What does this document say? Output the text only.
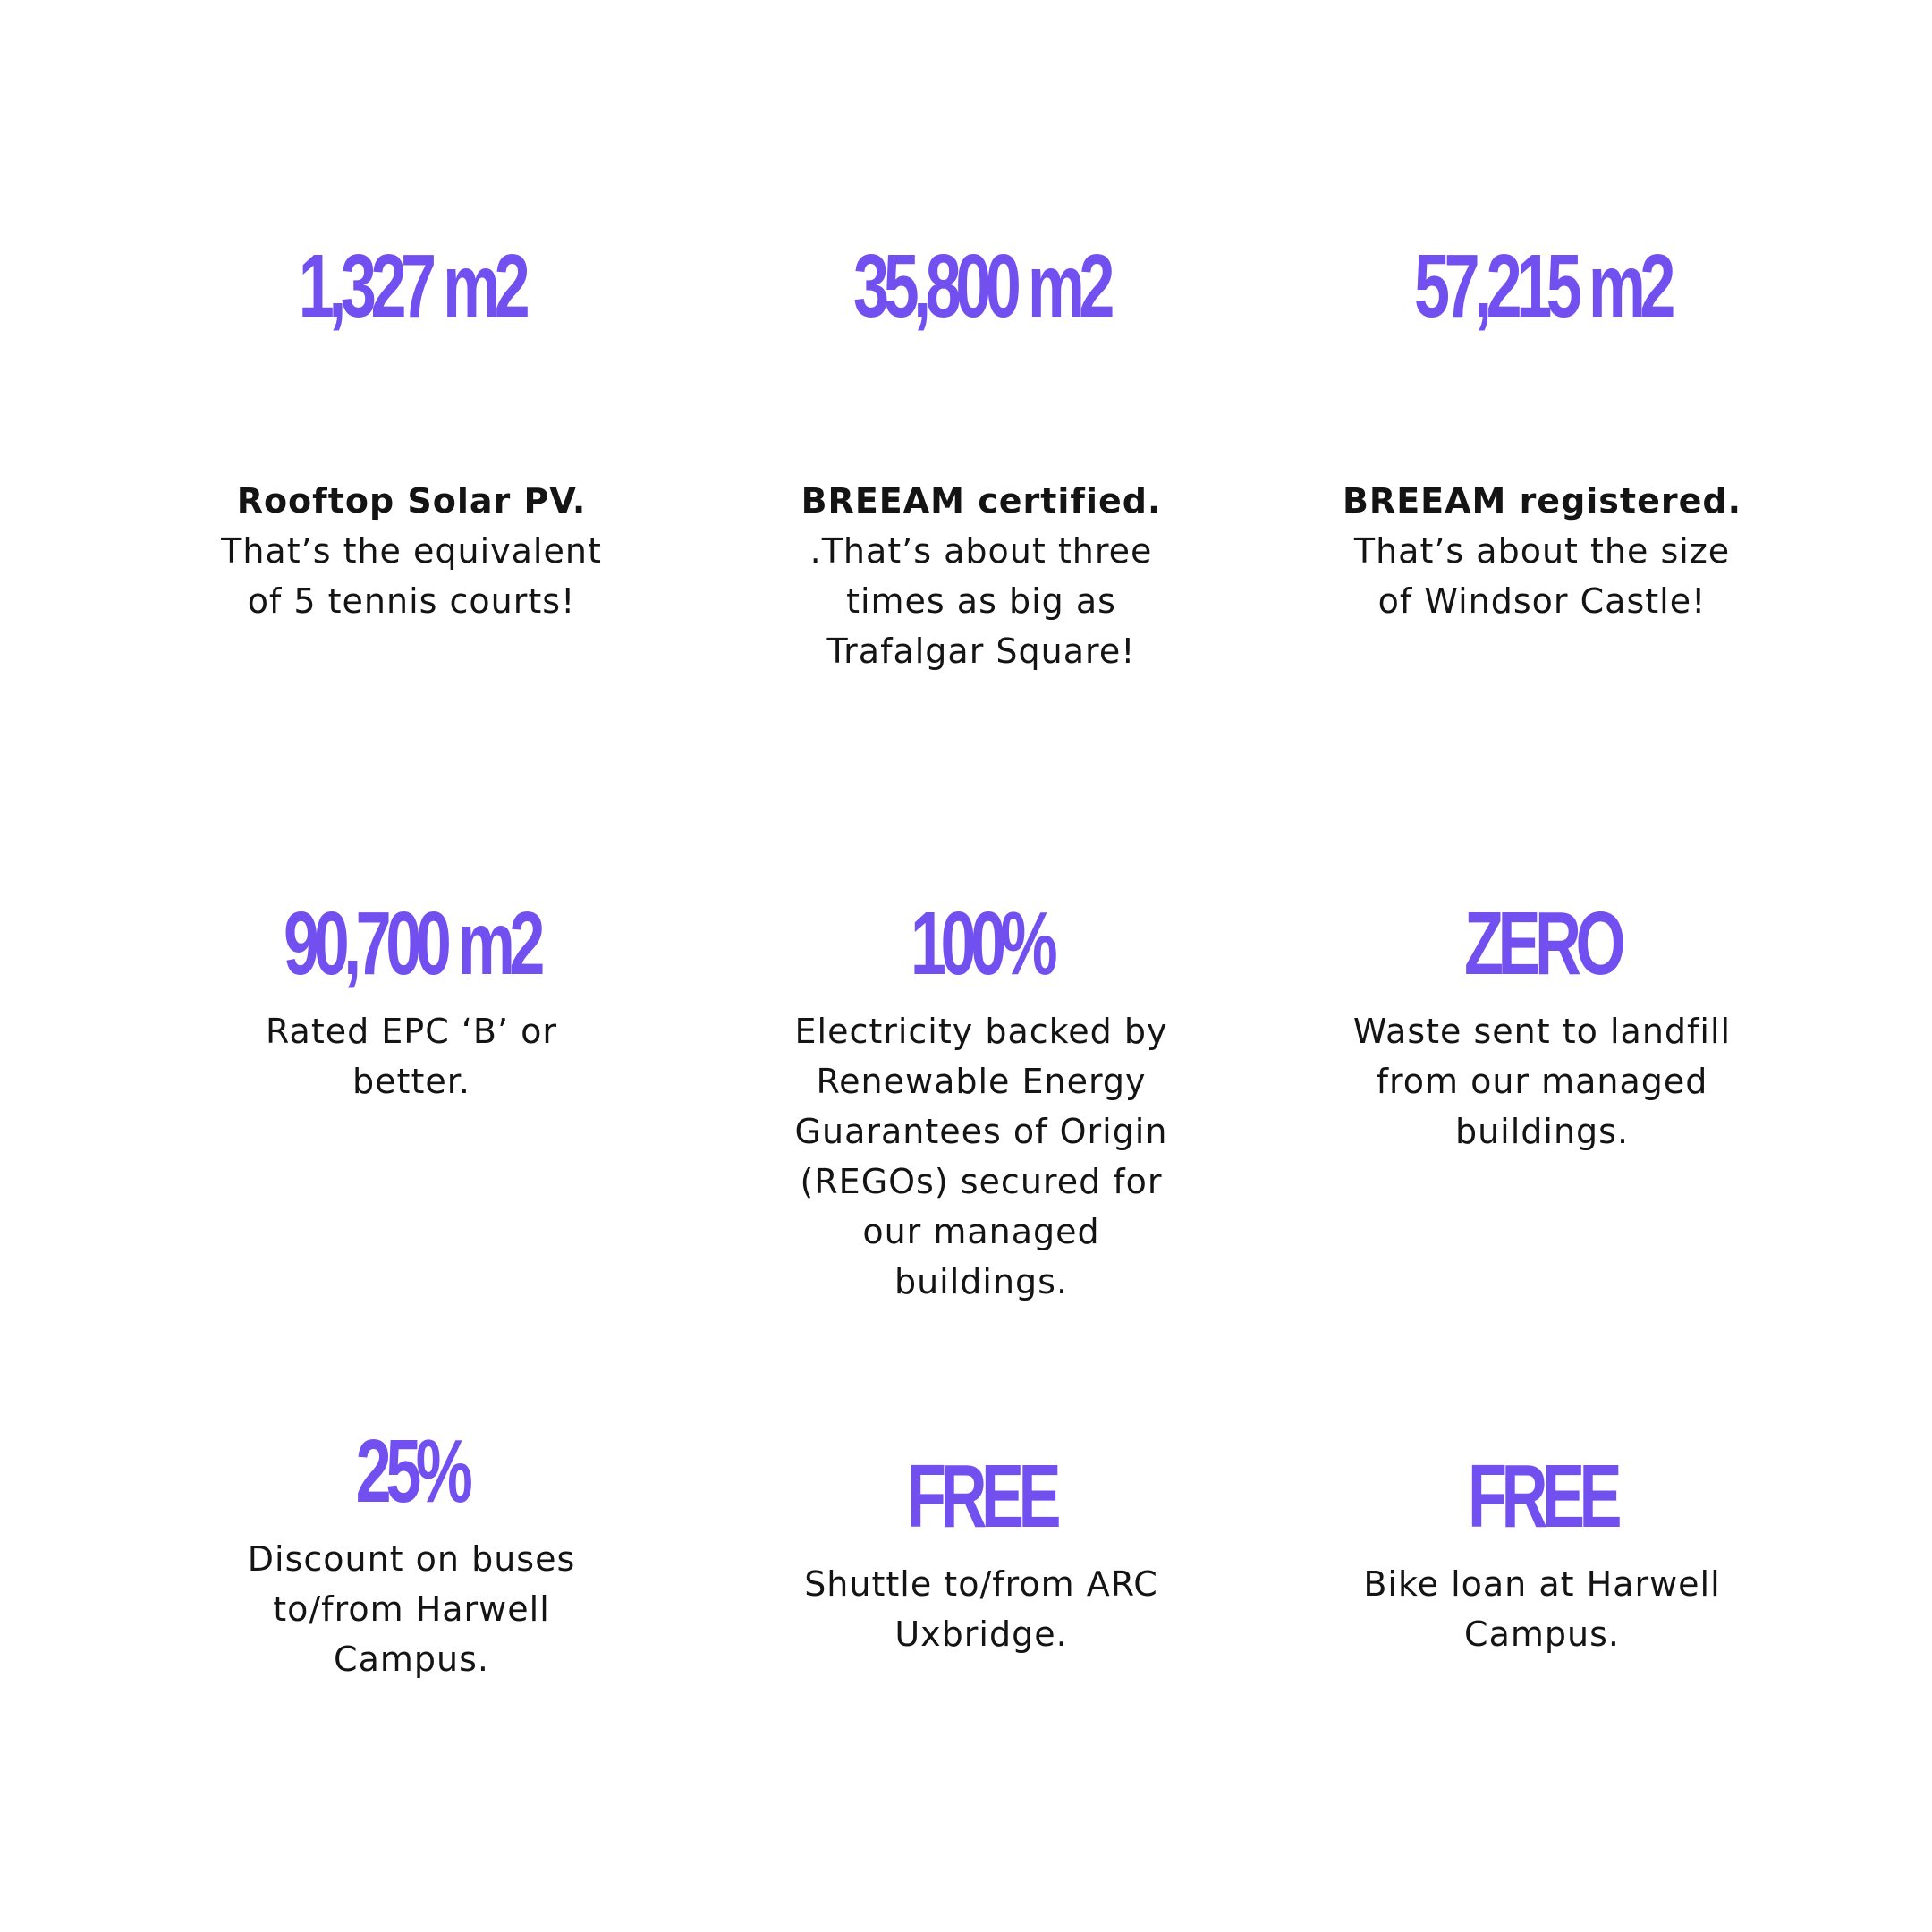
1,327 m2
Rooftop Solar PV.
That’s the equivalent
of 5 tennis courts!
35,800 m2
BREEAM certified.
.That’s about three
times as big as
Trafalgar Square!
57,215 m2
BREEAM registered.
That’s about the size
of Windsor Castle!
90,700 m2
Rated EPC ‘B’ or
better.
100%
Electricity backed by
Renewable Energy
Guarantees of Origin
(REGOs) secured for
our managed
buildings.
ZERO
Waste sent to landfill
from our managed
buildings.
25%
Discount on buses
to/from Harwell
Campus.
FREE
Shuttle to/from ARC
Uxbridge.
FREE
Bike loan at Harwell
Campus.
